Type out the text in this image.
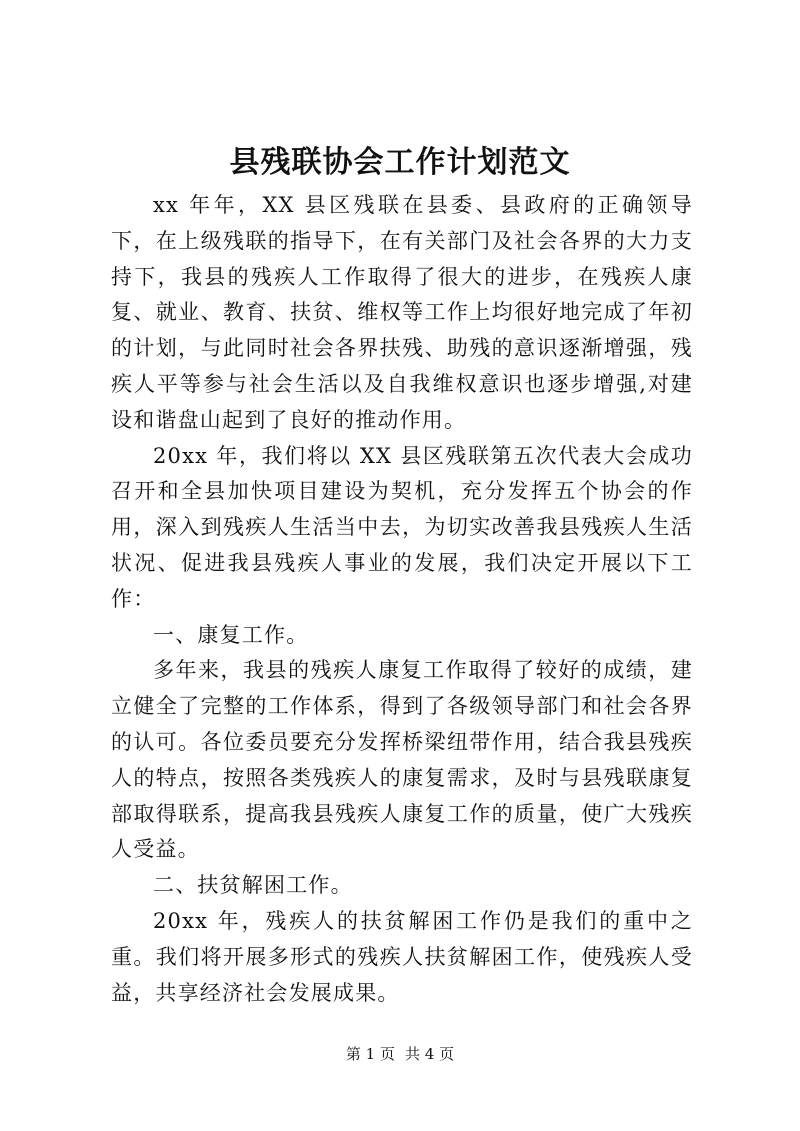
县残联协会工作计划范文

xx 年年，XX 县区残联在县委、县政府的正确领导下，在上级残联的指导下，在有关部门及社会各界的大力支持下，我县的残疾人工作取得了很大的进步，在残疾人康复、就业、教育、扶贫、维权等工作上均很好地完成了年初的计划，与此同时社会各界扶残、助残的意识逐渐增强，残疾人平等参与社会生活以及自我维权意识也逐步增强,对建设和谐盘山起到了良好的推动作用。

20xx 年，我们将以 XX 县区残联第五次代表大会成功召开和全县加快项目建设为契机，充分发挥五个协会的作用，深入到残疾人生活当中去，为切实改善我县残疾人生活状况、促进我县残疾人事业的发展，我们决定开展以下工作：

一、康复工作。

多年来，我县的残疾人康复工作取得了较好的成绩，建立健全了完整的工作体系，得到了各级领导部门和社会各界的认可。各位委员要充分发挥桥梁纽带作用，结合我县残疾人的特点，按照各类残疾人的康复需求，及时与县残联康复部取得联系，提高我县残疾人康复工作的质量，使广大残疾人受益。

二、扶贫解困工作。

20xx 年，残疾人的扶贫解困工作仍是我们的重中之重。我们将开展多形式的残疾人扶贫解困工作，使残疾人受益，共享经济社会发展成果。

第 1 页 共 4 页
